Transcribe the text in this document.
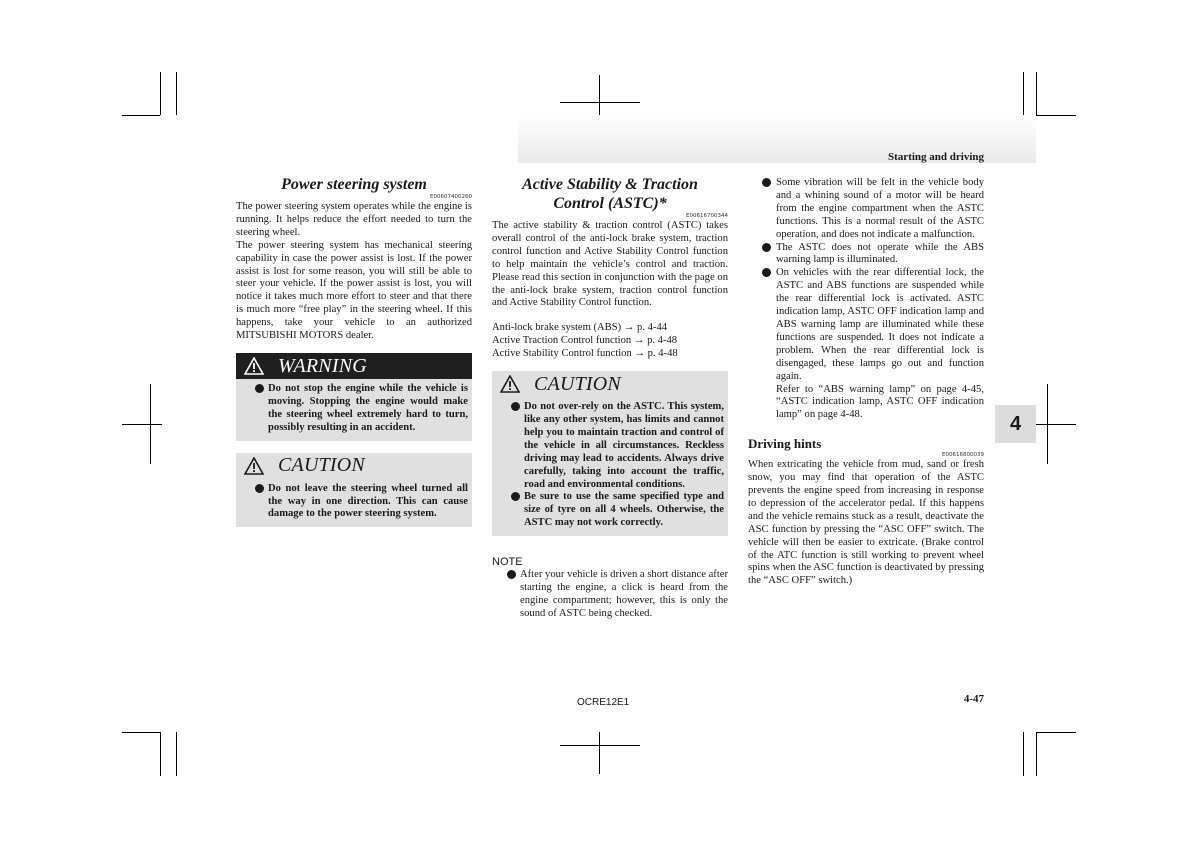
Starting and driving
4
Power steering system
E00607400260

The power steering system operates while the engine is running. It helps reduce the effort needed to turn the steering wheel.

The power steering system has mechanical steering capability in case the power assist is lost. If the power assist is lost for some reason, you will still be able to steer your vehicle. If the power assist is lost, you will notice it takes much more effort to steer and that there is much more “free play” in the steering wheel. If this happens, take your vehicle to an authorized MITSUBISHI MOTORS dealer.

WARNING
Do not stop the engine while the vehicle is moving. Stopping the engine would make the steering wheel extremely hard to turn, possibly resulting in an accident.
CAUTION
Do not leave the steering wheel turned all the way in one direction. This can cause damage to the power steering system.
Active Stability & Traction
Control (ASTC)*
E00616700344

The active stability & traction control (ASTC) takes overall control of the anti-lock brake system, traction control function and Active Stability Control function to help maintain the vehicle’s control and traction. Please read this section in conjunction with the page on the anti-lock brake system, traction control function and Active Stability Control function.

Anti-lock brake system (ABS) → p. 4-44
Active Traction Control function → p. 4-48
Active Stability Control function → p. 4-48
CAUTION
Do not over-rely on the ASTC. This system, like any other system, has limits and cannot help you to maintain traction and control of the vehicle in all circumstances. Reckless driving may lead to accidents. Always drive carefully, taking into account the traffic, road and environmental conditions.
Be sure to use the same specified type and size of tyre on all 4 wheels. Otherwise, the ASTC may not work correctly.
NOTE
After your vehicle is driven a short distance after starting the engine, a click is heard from the engine compartment; however, this is only the sound of ASTC being checked.
Some vibration will be felt in the vehicle body and a whining sound of a motor will be heard from the engine compartment when the ASTC functions. This is a normal result of the ASTC operation, and does not indicate a malfunction.
The ASTC does not operate while the ABS warning lamp is illuminated.
On vehicles with the rear differential lock, the ASTC and ABS functions are suspended while the rear differential lock is activated. ASTC indication lamp, ASTC OFF indication lamp and ABS warning lamp are illuminated while these functions are suspended. It does not indicate a problem. When the rear differential lock is disengaged, these lamps go out and function again.
Refer to “ABS warning lamp” on page 4-45, “ASTC indication lamp, ASTC OFF indication lamp” on page 4-48.
Driving hints
E00616800039

When extricating the vehicle from mud, sand or fresh snow, you may find that operation of the ASTC prevents the engine speed from increasing in response to depression of the accelerator pedal. If this happens and the vehicle remains stuck as a result, deactivate the ASC function by pressing the “ASC OFF” switch. The vehicle will then be easier to extricate. (Brake control of the ATC function is still working to prevent wheel spins when the ASC function is deactivated by pressing the “ASC OFF” switch.)

OCRE12E1	4-47
